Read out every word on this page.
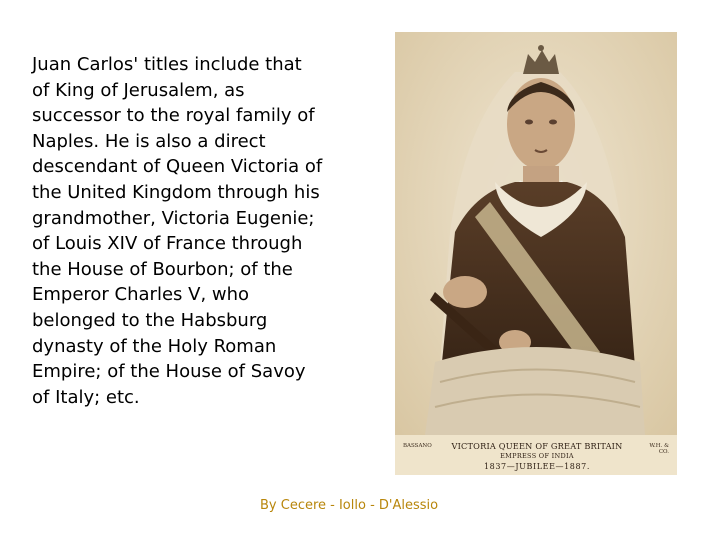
Juan Carlos' titles include that
of King of Jerusalem, as
successor to the royal family of
Naples. He is also a direct
descendant of Queen Victoria of
the United Kingdom through his
grandmother, Victoria Eugenie;
of Louis XIV of France through
the House of Bourbon; of the
Emperor Charles V, who
belonged to the Habsburg
dynasty of the Holy Roman
Empire; of the House of Savoy
of Italy; etc.

BASSANO	VICTORIA QUEEN OF GREAT BRITAIN
EMPRESS OF INDIA
1837—JUBILEE—1887.
W.H. & CO.
By Cecere - Iollo - D'Alessio
